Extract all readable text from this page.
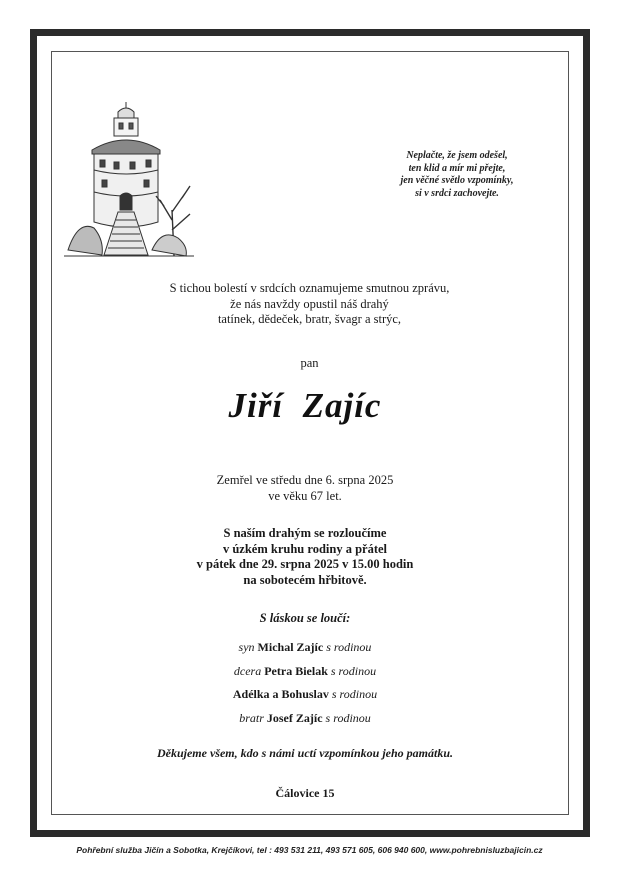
Neplačte, že jsem odešel,
ten klid a mír mi přejte,
jen věčné světlo vzpomínky,
si v srdci zachovejte.
S tichou bolestí v srdcích oznamujeme smutnou zprávu,
že nás navždy opustil náš drahý
tatínek, dědeček, bratr, švagr a strýc,
pan
Jiří  Zajíc
Zemřel ve středu dne 6. srpna 2025
ve věku 67 let.
S naším drahým se rozloučíme
v úzkém kruhu rodiny a přátel
v pátek dne 29. srpna 2025 v 15.00 hodin
na sobotecém hřbitově.
S láskou se loučí:
syn Michal Zajíc s rodinou
dcera Petra Bielak s rodinou
Adélka a Bohuslav s rodinou
bratr Josef Zajíc s rodinou
Děkujeme všem, kdo s námi uctí vzpomínkou jeho památku.
Čálovice 15
Pohřební služba Jičín a Sobotka, Krejčíkovi, tel : 493 531 211, 493 571 605, 606 940 600, www.pohrebnisluzbajicin.cz
